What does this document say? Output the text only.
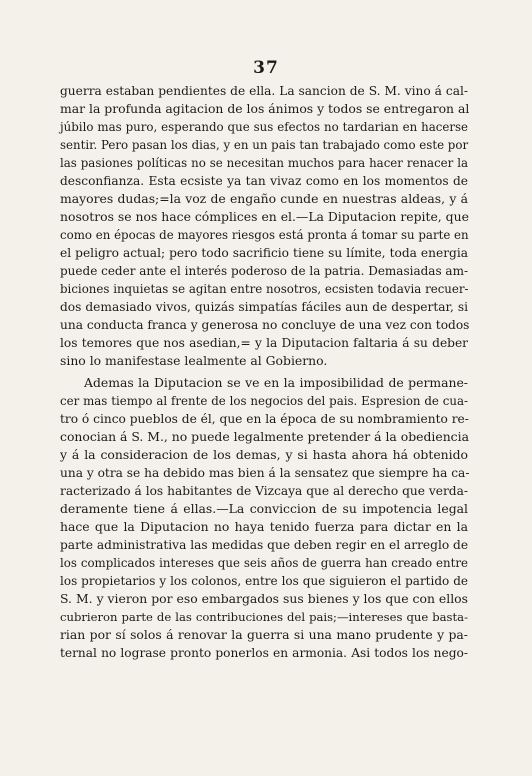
37
guerra estaban pendientes de ella. La sancion de S. M. vino á cal-
mar la profunda agitacion de los ánimos y todos se entregaron al
júbilo mas puro, esperando que sus efectos no tardarian en hacerse
sentir. Pero pasan los dias, y en un pais tan trabajado como este por
las pasiones políticas no se necesitan muchos para hacer renacer la
desconfianza. Esta ecsiste ya tan vivaz como en los momentos de
mayores dudas;=la voz de engaño cunde en nuestras aldeas, y á
nosotros se nos hace cómplices en el.—La Diputacion repite, que
como en épocas de mayores riesgos está pronta á tomar su parte en
el peligro actual; pero todo sacrificio tiene su límite, toda energia
puede ceder ante el interés poderoso de la patria. Demasiadas am-
biciones inquietas se agitan entre nosotros, ecsisten todavia recuer-
dos demasiado vivos, quizás simpatías fáciles aun de despertar, si
una conducta franca y generosa no concluye de una vez con todos
los temores que nos asedian,= y la Diputacion faltaria á su deber
sino lo manifestase lealmente al Gobierno.
Ademas la Diputacion se ve en la imposibilidad de permane-
cer mas tiempo al frente de los negocios del pais. Espresion de cua-
tro ó cinco pueblos de él, que en la época de su nombramiento re-
conocian á S. M., no puede legalmente pretender á la obediencia
y á la consideracion de los demas, y si hasta ahora há obtenido
una y otra se ha debido mas bien á la sensatez que siempre ha ca-
racterizado á los habitantes de Vizcaya que al derecho que verda-
deramente tiene á ellas.—La conviccion de su impotencia legal
hace que la Diputacion no haya tenido fuerza para dictar en la
parte administrativa las medidas que deben regir en el arreglo de
los complicados intereses que seis años de guerra han creado entre
los propietarios y los colonos, entre los que siguieron el partido de
S. M. y vieron por eso embargados sus bienes y los que con ellos
cubrieron parte de las contribuciones del pais;—intereses que basta-
rian por sí solos á renovar la guerra si una mano prudente y pa-
ternal no lograse pronto ponerlos en armonia. Asi todos los nego-
